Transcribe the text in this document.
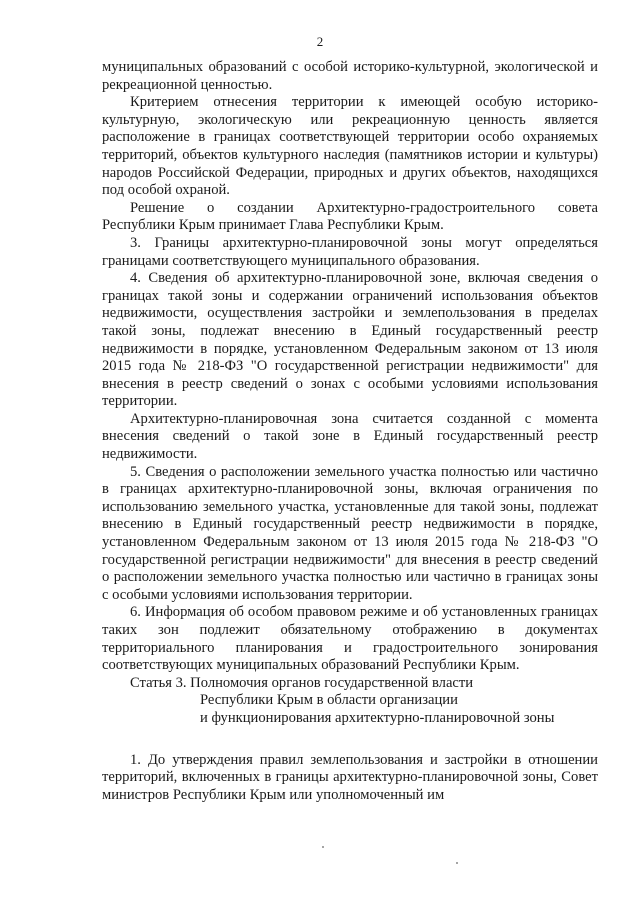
2

муниципальных образований с особой историко-культурной, экологической и рекреационной ценностью.

Критерием отнесения территории к имеющей особую историко-культурную, экологическую или рекреационную ценность является расположение в границах соответствующей территории особо охраняемых территорий, объектов культурного наследия (памятников истории и культуры) народов Российской Федерации, природных и других объектов, находящихся под особой охраной.

Решение о создании Архитектурно-градостроительного совета Республики Крым принимает Глава Республики Крым.

3. Границы архитектурно-планировочной зоны могут определяться границами соответствующего муниципального образования.

4. Сведения об архитектурно-планировочной зоне, включая сведения о границах такой зоны и содержании ограничений использования объектов недвижимости, осуществления застройки и землепользования в пределах такой зоны, подлежат внесению в Единый государственный реестр недвижимости в порядке, установленном Федеральным законом от 13 июля 2015 года № 218-ФЗ "О государственной регистрации недвижимости" для внесения в реестр сведений о зонах с особыми условиями использования территории.

Архитектурно-планировочная зона считается созданной с момента внесения сведений о такой зоне в Единый государственный реестр недвижимости.

5. Сведения о расположении земельного участка полностью или частично в границах архитектурно-планировочной зоны, включая ограничения по использованию земельного участка, установленные для такой зоны, подлежат внесению в Единый государственный реестр недвижимости в порядке, установленном Федеральным законом от 13 июля 2015 года № 218-ФЗ "О государственной регистрации недвижимости" для внесения в реестр сведений о расположении земельного участка полностью или частично в границах зоны с особыми условиями использования территории.

6. Информация об особом правовом режиме и об установленных границах таких зон подлежит обязательному отображению в документах территориального планирования и градостроительного зонирования соответствующих муниципальных образований Республики Крым.

Статья 3. Полномочия органов государственной власти
Республики Крым в области организации
и функционирования архитектурно-планировочной зоны

1. До утверждения правил землепользования и застройки в отношении территорий, включенных в границы архитектурно-планировочной зоны, Совет министров Республики Крым или уполномоченный им
